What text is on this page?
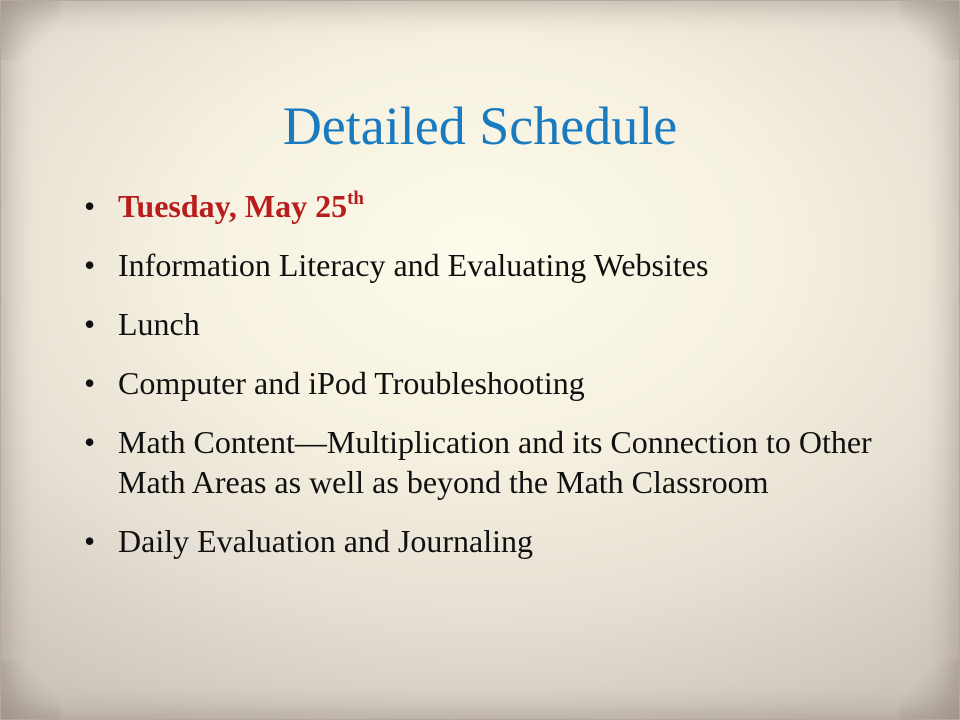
Detailed Schedule
• Tuesday, May 25th
• Information Literacy and Evaluating Websites
• Lunch
• Computer and iPod Troubleshooting
• Math Content—Multiplication and its Connection to Other Math Areas as well as beyond the Math Classroom
• Daily Evaluation and Journaling
